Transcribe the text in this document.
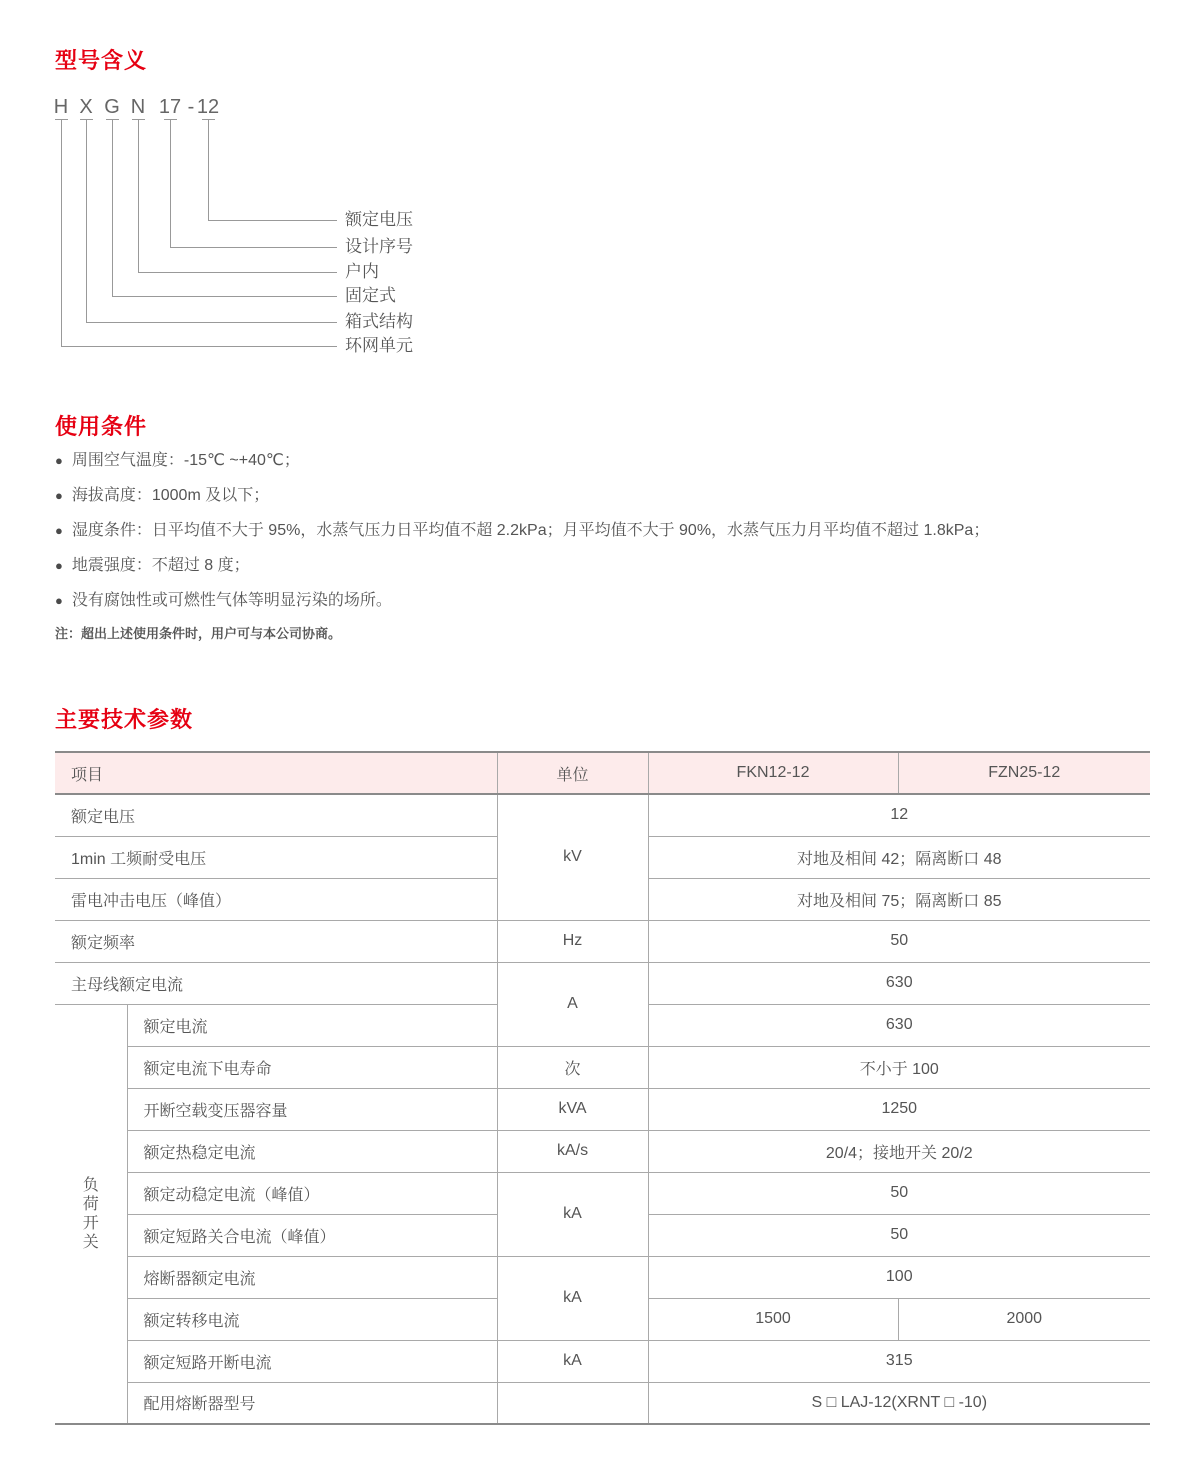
型号含义
H X G N 17 - 12
额定电压
设计序号
户内
固定式
箱式结构
环网单元
使用条件
● 周围空气温度：-15℃ ~+40℃；
● 海拔高度：1000m 及以下；
● 湿度条件：日平均值不大于 95%，水蒸气压力日平均值不超 2.2kPa；月平均值不大于 90%，水蒸气压力月平均值不超过 1.8kPa；
● 地震强度：不超过 8 度；
● 没有腐蚀性或可燃性气体等明显污染的场所。
注：超出上述使用条件时，用户可与本公司协商。
主要技术参数
项目		单位	FKN12-12	FZN25-12
额定电压		kV	12	
1min 工频耐受电压			对地及相间 42；隔离断口 48	
雷电冲击电压（峰值）			对地及相间 75；隔离断口 85	
额定频率		Hz	50	
主母线额定电流		A	630	
负荷开关	额定电流		630	
	额定电流下电寿命	次	不小于 100	
	开断空载变压器容量	kVA	1250	
	额定热稳定电流	kA/s	20/4；接地开关 20/2	
	额定动稳定电流（峰值）	kA	50	
	额定短路关合电流（峰值）		50	
	熔断器额定电流	kA	100	
	额定转移电流		1500	2000
	额定短路开断电流	kA	315	
	配用熔断器型号		S □ LAJ-12(XRNT □ -10)	
